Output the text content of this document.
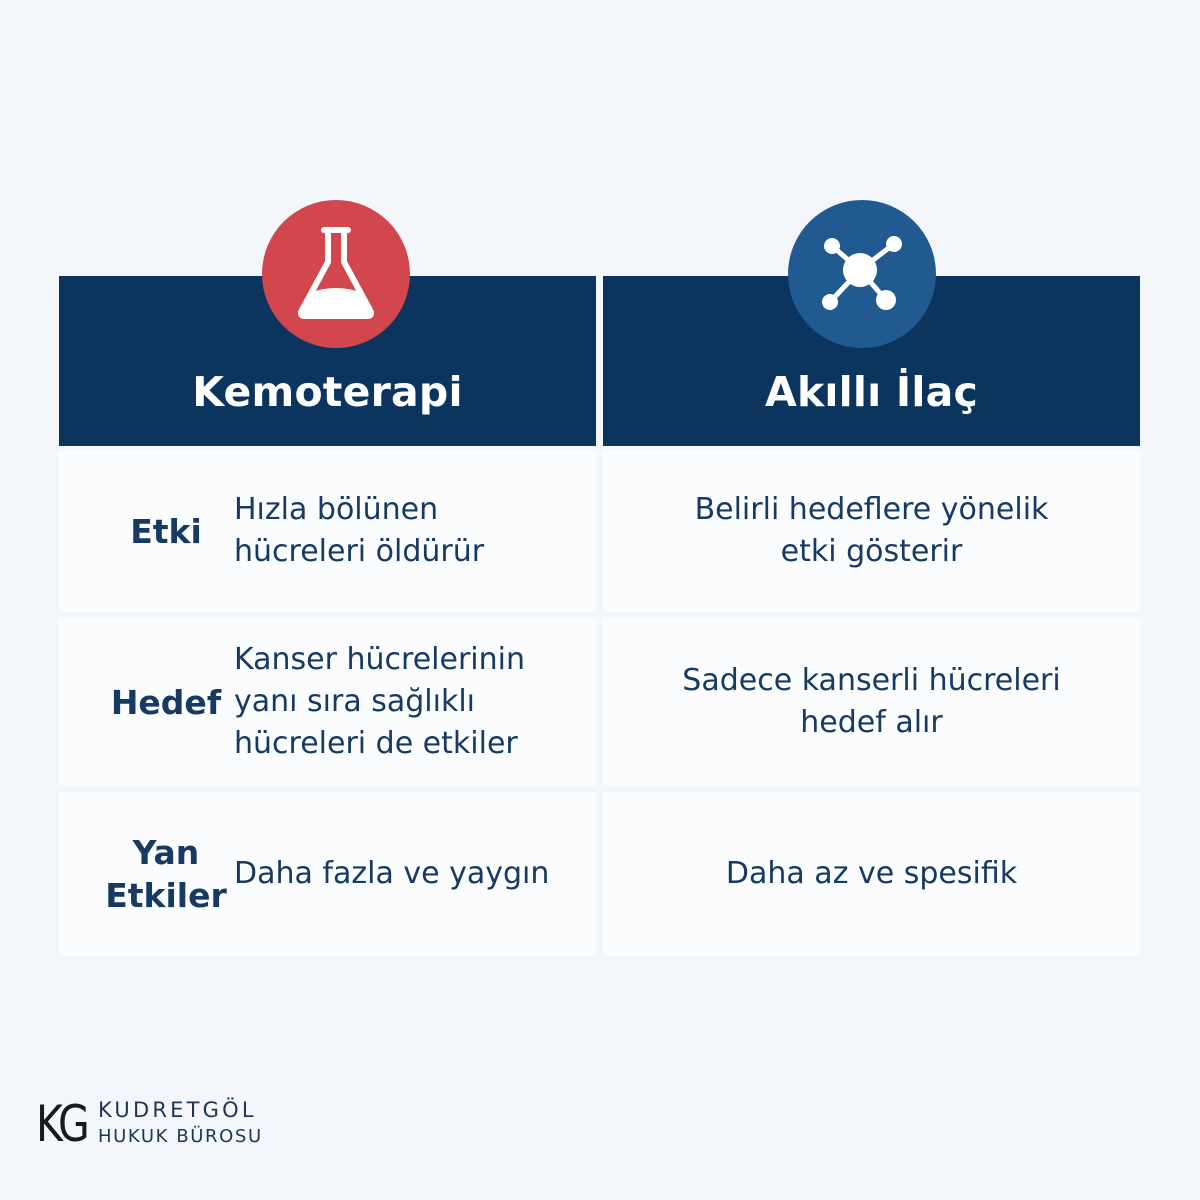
Kemoterapi	Akıllı İlaç
Etki
Hızla bölünen
hücreleri öldürür
Belirli hedeflere yönelik
etki gösterir
Hedef
Kanser hücrelerinin
yanı sıra sağlıklı
hücreleri de etkiler
Sadece kanserli hücreleri
hedef alır
Yan
Etkiler
Daha fazla ve yaygın	Daha az ve spesifik
KG KUDRETGÖL
HUKUK BÜROSU
